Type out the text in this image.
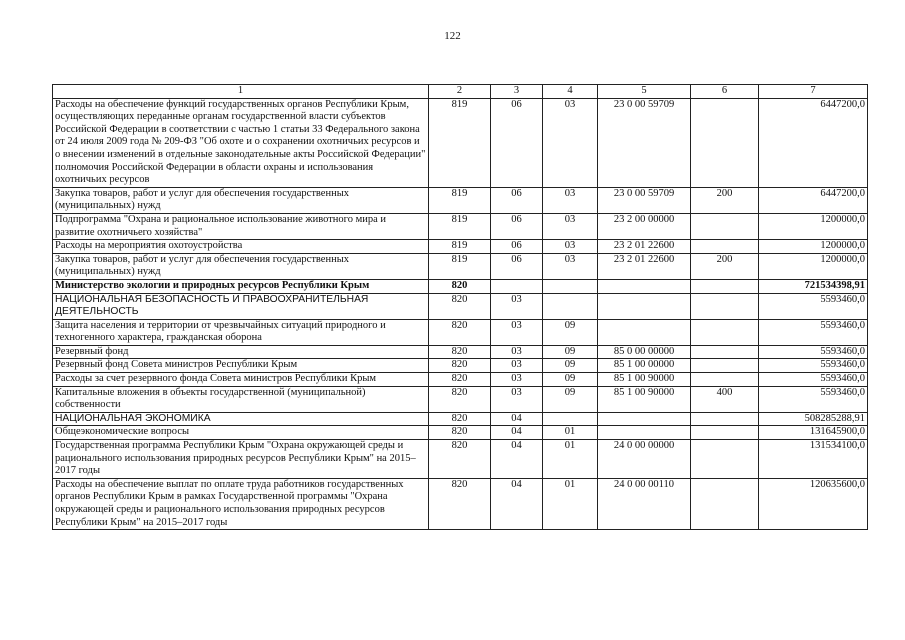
122
1	2	3	4	5	6	7
Расходы на обеспечение функций государственных органов Республики Крым, осуществляющих переданные органам государственной власти субъектов Российской Федерации в соответствии с частью 1 статьи 33 Федерального закона от 24 июля 2009 года № 209-ФЗ "Об охоте и о сохранении охотничьих ресурсов и о внесении изменений в отдельные законодательные акты Российской Федерации" полномочия Российской Федерации в области охраны и использования охотничьих ресурсов	819	06	03	23 0 00 59709		6447200,0
Закупка товаров, работ и услуг для обеспечения государственных (муниципальных) нужд	819	06	03	23 0 00 59709	200	6447200,0
Подпрограмма "Охрана и рациональное использование животного мира и развитие охотничьего хозяйства"	819	06	03	23 2 00 00000		1200000,0
Расходы на мероприятия охотоустройства	819	06	03	23 2 01 22600		1200000,0
Закупка товаров, работ и услуг для обеспечения государственных (муниципальных) нужд	819	06	03	23 2 01 22600	200	1200000,0
Министерство экологии и природных ресурсов Республики Крым	820					721534398,91
НАЦИОНАЛЬНАЯ БЕЗОПАСНОСТЬ И ПРАВООХРАНИТЕЛЬНАЯ ДЕЯТЕЛЬНОСТЬ	820	03				5593460,0
Защита населения и территории от чрезвычайных ситуаций природного и техногенного характера, гражданская оборона	820	03	09			5593460,0
Резервный фонд	820	03	09	85 0 00 00000		5593460,0
Резервный фонд Совета министров Республики Крым	820	03	09	85 1 00 00000		5593460,0
Расходы за счет резервного фонда Совета министров Республики Крым	820	03	09	85 1 00 90000		5593460,0
Капитальные вложения в объекты государственной (муниципальной) собственности	820	03	09	85 1 00 90000	400	5593460,0
НАЦИОНАЛЬНАЯ ЭКОНОМИКА	820	04				508285288,91
Общеэкономические вопросы	820	04	01			131645900,0
Государственная программа Республики Крым "Охрана окружающей среды и рационального использования природных ресурсов Республики Крым" на 2015–2017 годы	820	04	01	24 0 00 00000		131534100,0
Расходы на обеспечение выплат по оплате труда работников государственных органов Республики Крым в рамках Государственной программы "Охрана окружающей среды и рационального использования природных ресурсов Республики Крым" на 2015–2017 годы	820	04	01	24 0 00 00110		120635600,0
